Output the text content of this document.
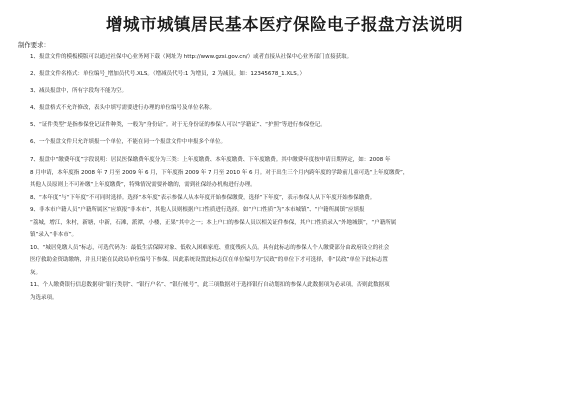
增城市城镇居民基本医疗保险电子报盘方法说明
制作要求：
1、报盘文件的模板模版可以通过社保中心业务网下载（网址为 http://www.gzsi.gov.cn/）或者直接从社保中心业务部门直接获取。
2、报盘文件名格式：单位编号_增加员代号.XLS。（增减员代号:1 为增员，2 为减员。如：12345678_1.XLS。）
3、减员报盘中，所有字段均不能为空。
4、报盘格式不允许修改，表头中填写需要进行办理的单位编号及单位名称。
5、“证件类型”是指参保登记证件种类，一般为“身份证”。对于无身份证的参保人可以“学籍证”、“护照”等进行参保登记。
6、一个报盘文件只允许填报一个单位，不能在同一个报盘文件中申报多个单位。
7、报盘中“缴费年度”字段说明：居民医保缴费年度分为三类：上年度缴费、本年度缴费、下年度缴费。其中缴费年度按申请日期界定，如：2008 年
8 月申请，本年度指 2008 年 7 月至 2009 年 6 月，下年度指 2009 年 7 月至 2010 年 6 月。对于出生三个月内跨年度的学龄前儿童可选“上年度缴费”，
其他人员原则上不可补缴“上年度缴费”，特殊情况需要补缴的，需到社保经办机构进行办理。
8、“本年度”与“下年度”不可同时选择。选择“本年度”表示参保人从本年度开始参保缴费，选择“下年度”，表示参保人从下年度开始参保缴费。
9、非本市户籍人员“户籍所属区”应填报“非本市”，其他人员则根据户口性质进行选择。如“户口性质”为“本市城镇”、“户籍所属镇”应填报
“荔城，增江，朱村，新塘，中新，石滩，派潭，小楼，正果”其中之一；本上户口的参保人员以相关证件参保，其户口性质录入“外地城镇”，“户籍所属
镇”录入“非本市”。
10、“城居免缴人员”标志，可选代码为：最低生活保障对象、低收入困难家庭、重度残疾人员。具有此标志的参保人个人缴费部分由政府设立的社会
医疗救助金资助缴纳，并且只能在民政局单位编号下参保。因此系统设置此标志仅在单位编号为“民政”的单位下才可选择，非“民政”单位下此标志置
灰。
11、个人缴费银行信息数据项“银行类别”、“银行户名”、“银行帐号”，此三项数据对于选择银行自动划扣的参保人此数据项为必录项，否则此数据项
为选录项。
